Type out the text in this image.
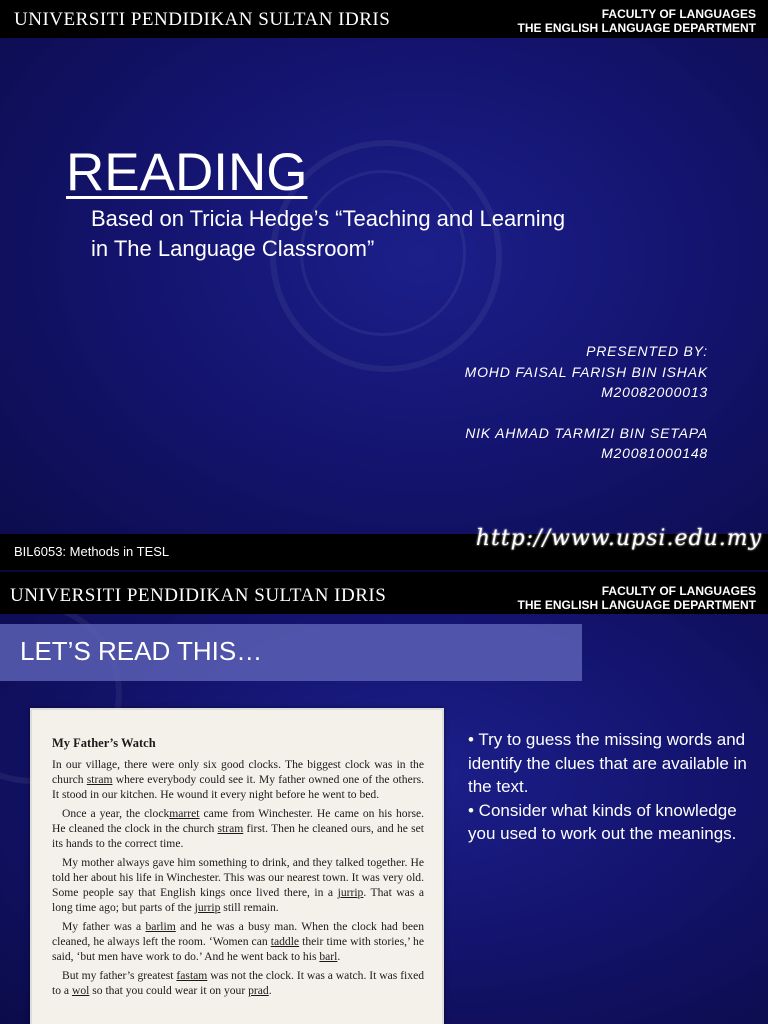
UNIVERSITI PENDIDIKAN SULTAN IDRIS	FACULTY OF LANGUAGES
THE ENGLISH LANGUAGE DEPARTMENT
READING
Based on Tricia Hedge’s “Teaching and Learning in The Language Classroom”
PRESENTED BY:
MOHD FAISAL FARISH BIN ISHAK
M20082000013
NIK AHMAD TARMIZI BIN SETAPA
M20081000148
BIL6053: Methods in TESL
http://www.upsi.edu.my
UNIVERSITI PENDIDIKAN SULTAN IDRIS	FACULTY OF LANGUAGES
THE ENGLISH LANGUAGE DEPARTMENT
LET’S READ THIS…
My Father’s Watch

In our village, there were only six good clocks. The biggest clock was in the church stram where everybody could see it. My father owned one of the others. It stood in our kitchen. He wound it every night before he went to bed.

Once a year, the clockmarret came from Winchester. He came on his horse. He cleaned the clock in the church stram first. Then he cleaned ours, and he set its hands to the correct time.

My mother always gave him something to drink, and they talked together. He told her about his life in Winchester. This was our nearest town. It was very old. Some people say that English kings once lived there, in a jurrip. That was a long time ago; but parts of the jurrip still remain.

My father was a barlim and he was a busy man. When the clock had been cleaned, he always left the room. ‘Women can taddle their time with stories,’ he said, ‘but men have work to do.’ And he went back to his barl.

But my father’s greatest fastam was not the clock. It was a watch. It was fixed to a wol so that you could wear it on your prad.

• Try to guess the missing words and identify the clues that are available in the text.
• Consider what kinds of knowledge you used to work out the meanings.
